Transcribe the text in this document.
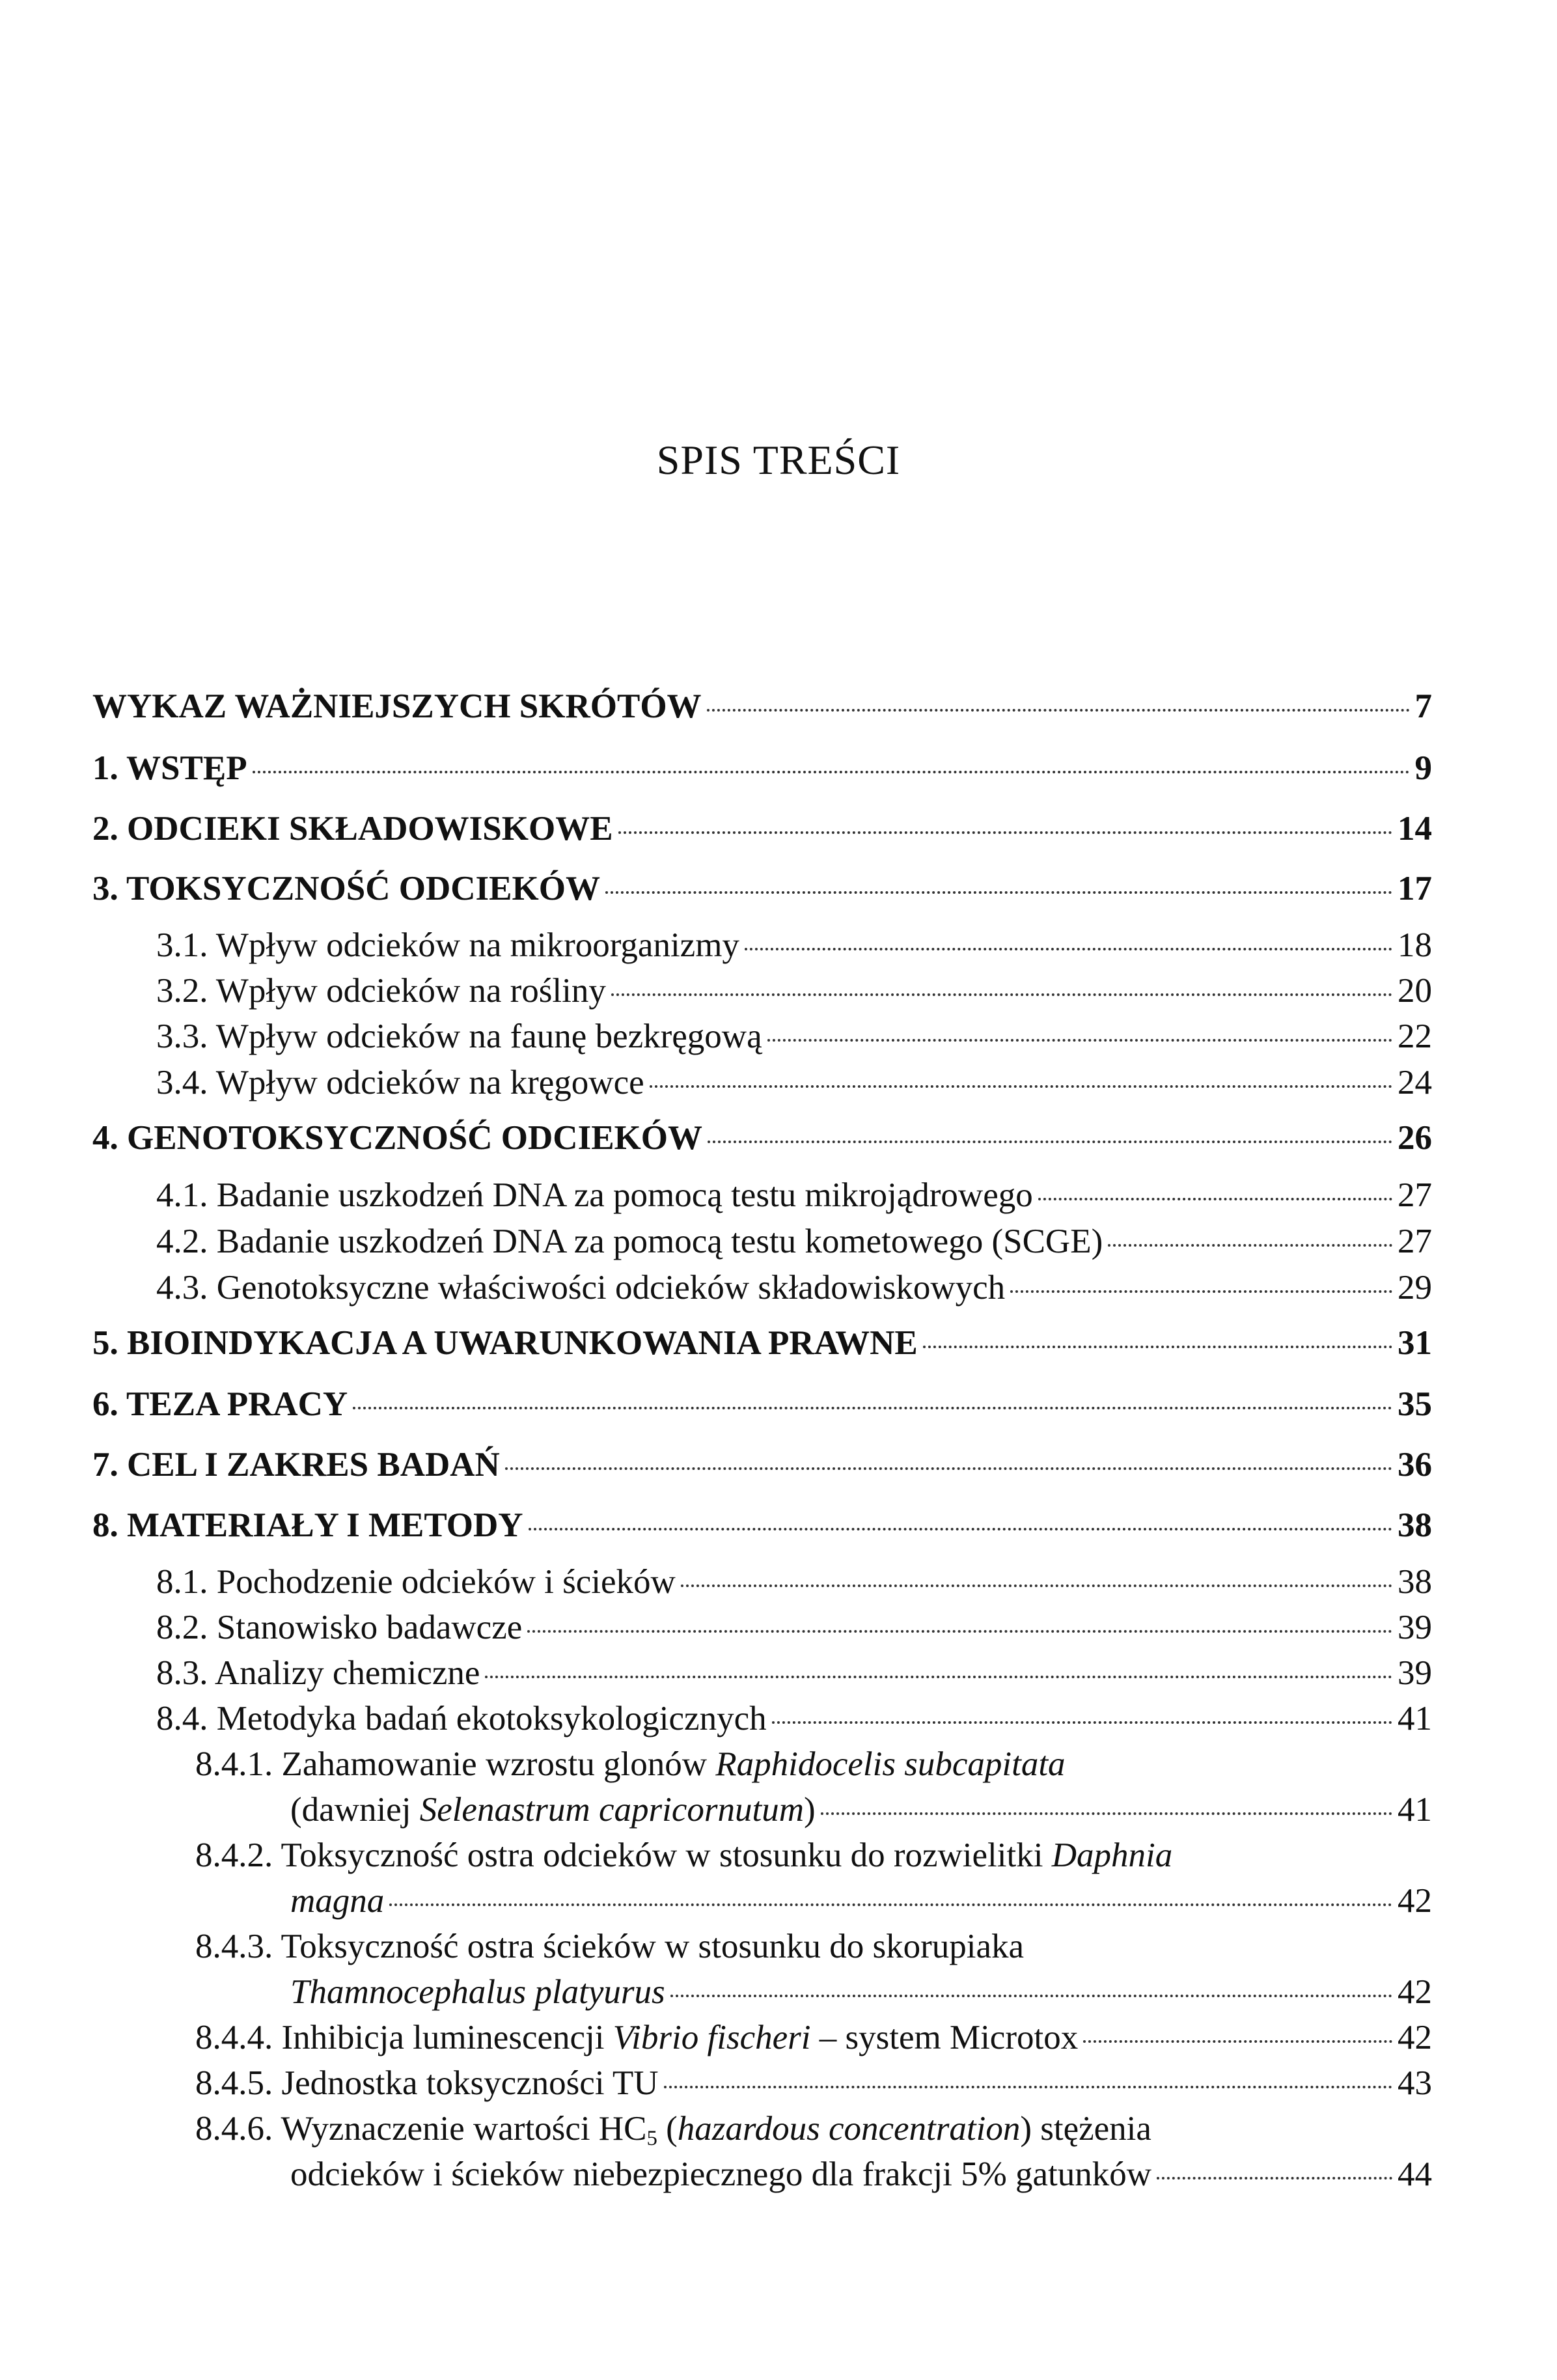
SPIS TREŚCI
WYKAZ WAŻNIEJSZYCH SKRÓTÓW	7
1. WSTĘP	9
2. ODCIEKI SKŁADOWISKOWE	14
3. TOKSYCZNOŚĆ ODCIEKÓW	17
3.1. Wpływ odcieków na mikroorganizmy	18
3.2. Wpływ odcieków na rośliny	20
3.3. Wpływ odcieków na faunę bezkręgową	22
3.4. Wpływ odcieków na kręgowce	24
4. GENOTOKSYCZNOŚĆ ODCIEKÓW	26
4.1. Badanie uszkodzeń DNA za pomocą testu mikrojądrowego	27
4.2. Badanie uszkodzeń DNA za pomocą testu kometowego (SCGE)	27
4.3. Genotoksyczne właściwości odcieków składowiskowych	29
5. BIOINDYKACJA A UWARUNKOWANIA PRAWNE	31
6. TEZA PRACY	35
7. CEL I ZAKRES BADAŃ	36
8. MATERIAŁY I METODY	38
8.1. Pochodzenie odcieków i ścieków	38
8.2. Stanowisko badawcze	39
8.3. Analizy chemiczne	39
8.4. Metodyka badań ekotoksykologicznych	41
8.4.1. Zahamowanie wzrostu glonów Raphidocelis subcapitata
(dawniej Selenastrum capricornutum)	41
8.4.2. Toksyczność ostra odcieków w stosunku do rozwielitki Daphnia
magna	42
8.4.3. Toksyczność ostra ścieków w stosunku do skorupiaka
Thamnocephalus platyurus	42
8.4.4. Inhibicja luminescencji Vibrio fischeri – system Microtox	42
8.4.5. Jednostka toksyczności TU	43
8.4.6. Wyznaczenie wartości $HC_5$ (hazardous concentration) stężenia
odcieków i ścieków niebezpiecznego dla frakcji 5% gatunków	44
